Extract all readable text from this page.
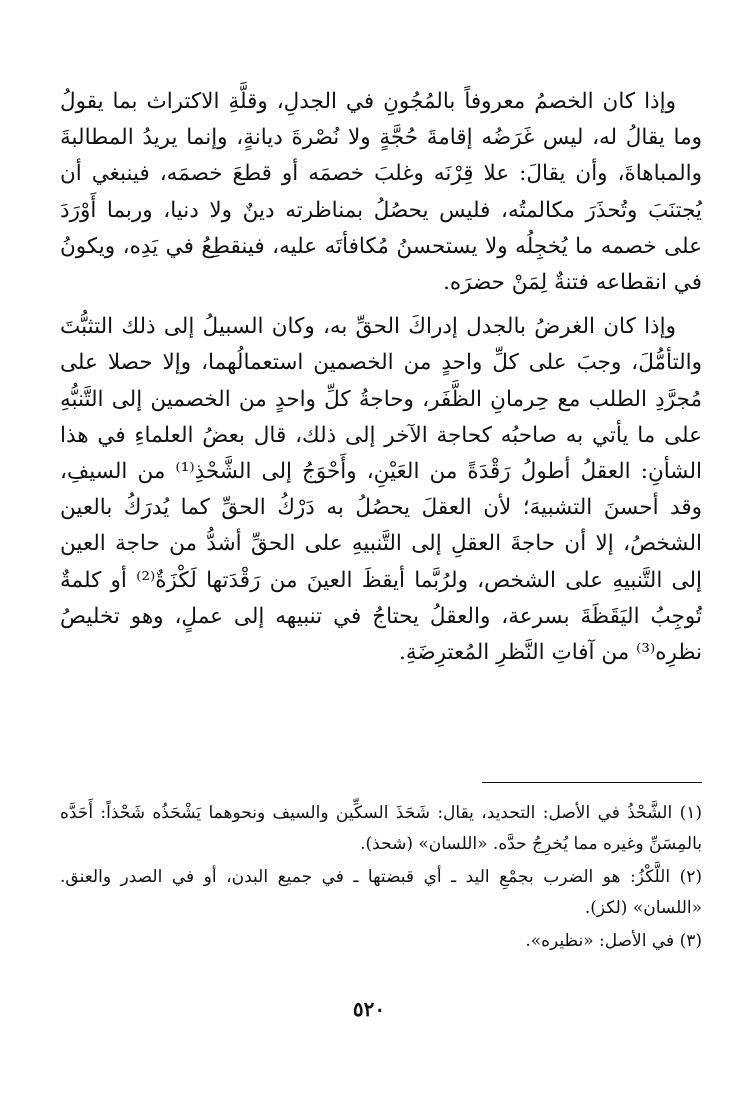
وإذا كان الخصمُ معروفاً بالمُجُونِ في الجدلِ، وقلَّةِ الاكتراث بما يقولُ وما يقالُ له، ليس غَرَضُه إقامةَ حُجَّةٍ ولا نُصْرةَ ديانةٍ، وإنما يريدُ المطالبةَ والمباهاةَ، وأن يقالَ: علا قِرْنَه وغلبَ خصمَه أو قطعَ خصمَه، فينبغي أن يُجتنَبَ وتُحذَرَ مكالمتُه، فليس يحصُلُ بمناظرته دينٌ ولا دنيا، وربما أَوْرَدَ على خصمه ما يُخجِلُه ولا يستحسنُ مُكافأتَه عليه، فينقطِعُ في يَدِه، ويكونُ في انقطاعه فتنةٌ لِمَنْ حضرَه.

وإذا كان الغرضُ بالجدل إدراكَ الحقِّ به، وكان السبيلُ إلى ذلك التثبُّتَ والتأمُّلَ، وجبَ على كلِّ واحدٍ من الخصمين استعمالُهما، وإلا حصلا على مُجرَّدِ الطلب مع حِرمانِ الظَّفَر، وحاجةُ كلِّ واحدٍ من الخصمين إلى التَّنبُّهِ على ما يأتي به صاحبُه كحاجة الآخر إلى ذلك، قال بعضُ العلماءِ في هذا الشأنِ: العقلُ أطولُ رَقْدَةً من العَيْنِ، وأَحْوَجُ إلى الشَّحْذِ⁽¹⁾ من السيفِ، وقد أحسنَ التشبيهَ؛ لأن العقلَ يحصُلُ به دَرْكُ الحقِّ كما يُدرَكُ بالعين الشخصُ، إلا أن حاجةَ العقلِ إلى التَّنبيهِ على الحقِّ أشدُّ من حاجة العين إلى التَّنبيهِ على الشخص، ولرُبَّما أيقظَ العينَ من رَقْدَتها لَكْزَةٌ⁽²⁾ أو كلمةٌ تُوجِبُ اليَقَظَةَ بسرعة، والعقلُ يحتاجُ في تنبيهه إلى عملٍ، وهو تخليصُ نظرِه⁽³⁾ من آفاتِ النَّظرِ المُعترِضَةِ.

(١) الشَّحْذُ في الأصل: التحديد، يقال: شَحَذَ السكِّين والسيف ونحوهما يَشْحَذُه شَحْذاً: أَحَدَّه بالمِسَنِّ وغيره مما يُخرِجُ حدَّه. «اللسان» (شحذ).

(٢) اللَّكْزُ: هو الضرب بجمْعِ اليد ـ أي قبضتها ـ في جميع البدن، أو في الصدر والعنق. «اللسان» (لكز).

(٣) في الأصل: «نظيره».

٥٢٠
